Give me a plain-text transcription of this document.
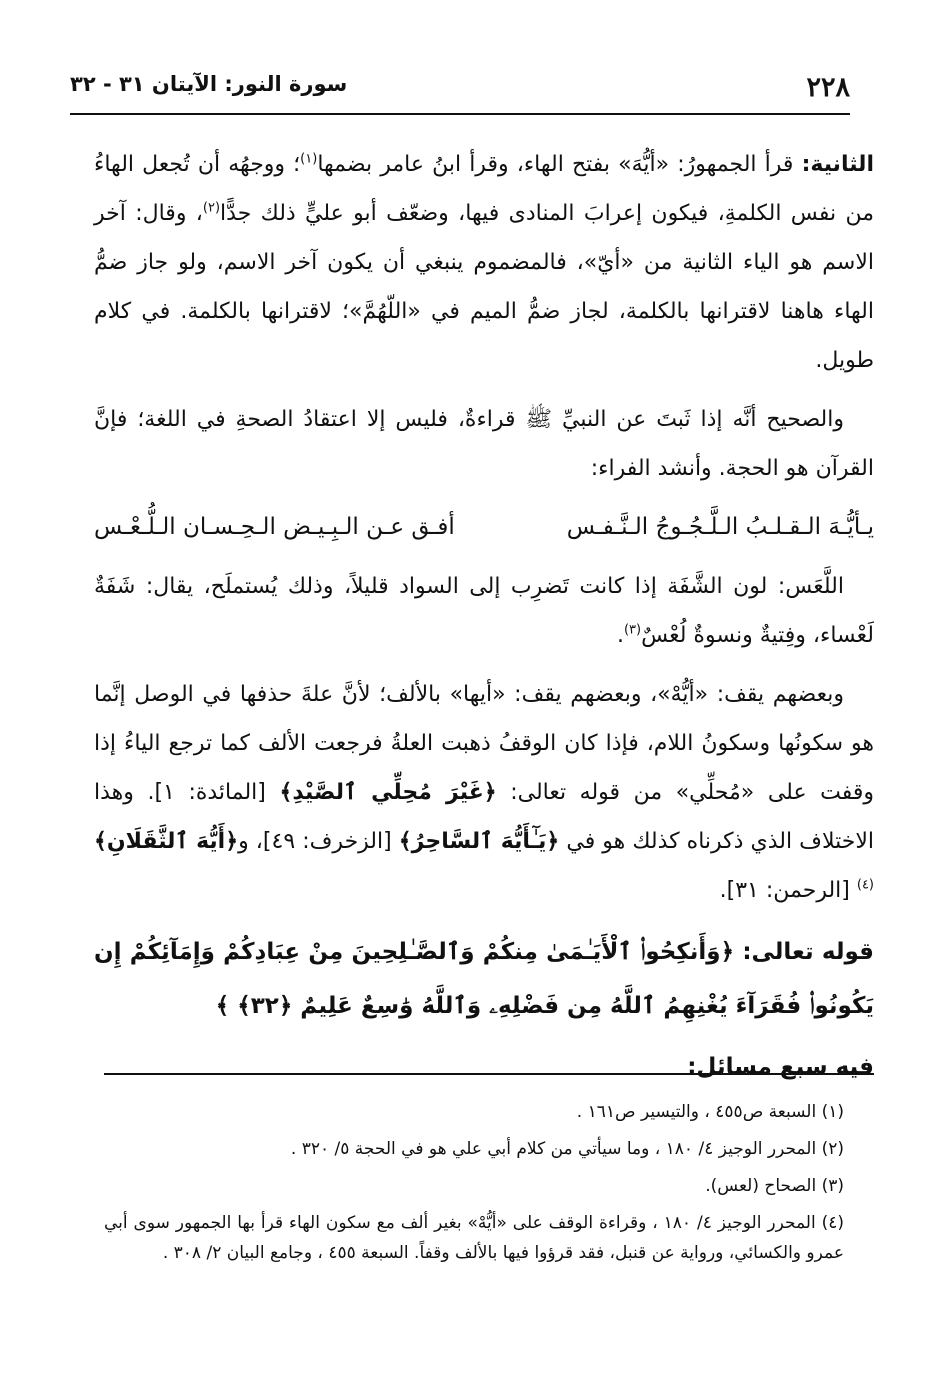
٢٢٨
سورة النور: الآيتان ٣١ - ٣٢

الثانية: قرأ الجمهورُ: «أيُّهَ» بفتح الهاء، وقرأ ابنُ عامر بضمها$^{(١)}$؛ ووجهُه أن تُجعل الهاءُ من نفس الكلمةِ، فيكون إعرابَ المنادى فيها، وضعّف أبو عليٍّ ذلك جدًّا$^{(٢)}$، وقال: آخر الاسم هو الياء الثانية من «أيّ»، فالمضموم ينبغي أن يكون آخر الاسم، ولو جاز ضمُّ الهاء هاهنا لاقترانها بالكلمة، لجاز ضمُّ الميم في «اللّهُمَّ»؛ لاقترانها بالكلمة. في كلام طويل.

والصحيح أنَّه إذا ثَبتَ عن النبيِّ ﷺ قراءةٌ، فليس إلا اعتقادُ الصحةِ في اللغة؛ فإنَّ القرآن هو الحجة. وأنشد الفراء:

يـأيُّـهَ الـقـلـبُ الـلَّـجُـوجُ الـنَّـفـس
أفـق عـن الـبِـيـض الـحِـسـان الـلُّـعْـس

اللَّعَس: لون الشَّفَة إذا كانت تَضرِب إلى السواد قليلاً، وذلك يُستملَح، يقال: شَفَةٌ لَعْساء، وفِتيةٌ ونسوةٌ لُعْسٌ$^{(٣)}$.

وبعضهم يقف: «أيُّهْ»، وبعضهم يقف: «أيها» بالألف؛ لأنَّ علةَ حذفها في الوصل إنَّما هو سكونُها وسكونُ اللام، فإذا كان الوقفُ ذهبت العلةُ فرجعت الألف كما ترجع الياءُ إذا وقفت على «مُحلِّي» من قوله تعالى: ﴿غَيْرَ مُحِلِّي ٱلصَّيْدِ﴾ [المائدة: ١]. وهذا الاختلاف الذي ذكرناه كذلك هو في ﴿يَـٰٓأَيُّهَ ٱلسَّاحِرُ﴾ [الزخرف: ٤٩]، و﴿أَيُّهَ ٱلثَّقَلَانِ﴾$^{(٤)}$ [الرحمن: ٣١].

قوله تعالى: ﴿وَأَنكِحُوا۟ ٱلْأَيَـٰمَىٰ مِنكُمْ وَٱلصَّـٰلِحِينَ مِنْ عِبَادِكُمْ وَإِمَآئِكُمْ إِن يَكُونُوا۟ فُقَرَآءَ يُغْنِهِمُ ٱللَّهُ مِن فَضْلِهِۦ وَٱللَّهُ وَٰسِعٌ عَلِيمٌ ﴿٣٢﴾ ﴾

فيه سبع مسائل:

(١) السبعة ص٤٥٥ ، والتيسير ص١٦١ .

(٢) المحرر الوجيز ٤/ ١٨٠ ، وما سيأتي من كلام أبي علي هو في الحجة ٥/ ٣٢٠ .

(٣) الصحاح (لعس).

(٤) المحرر الوجيز ٤/ ١٨٠ ، وقراءة الوقف على «أيُّهْ» بغير ألف مع سكون الهاء قرأ بها الجمهور سوى أبي عمرو والكسائي، ورواية عن قنبل، فقد قرؤوا فيها بالألف وقفاً. السبعة ٤٥٥ ، وجامع البيان ٢/ ٣٠٨ .
